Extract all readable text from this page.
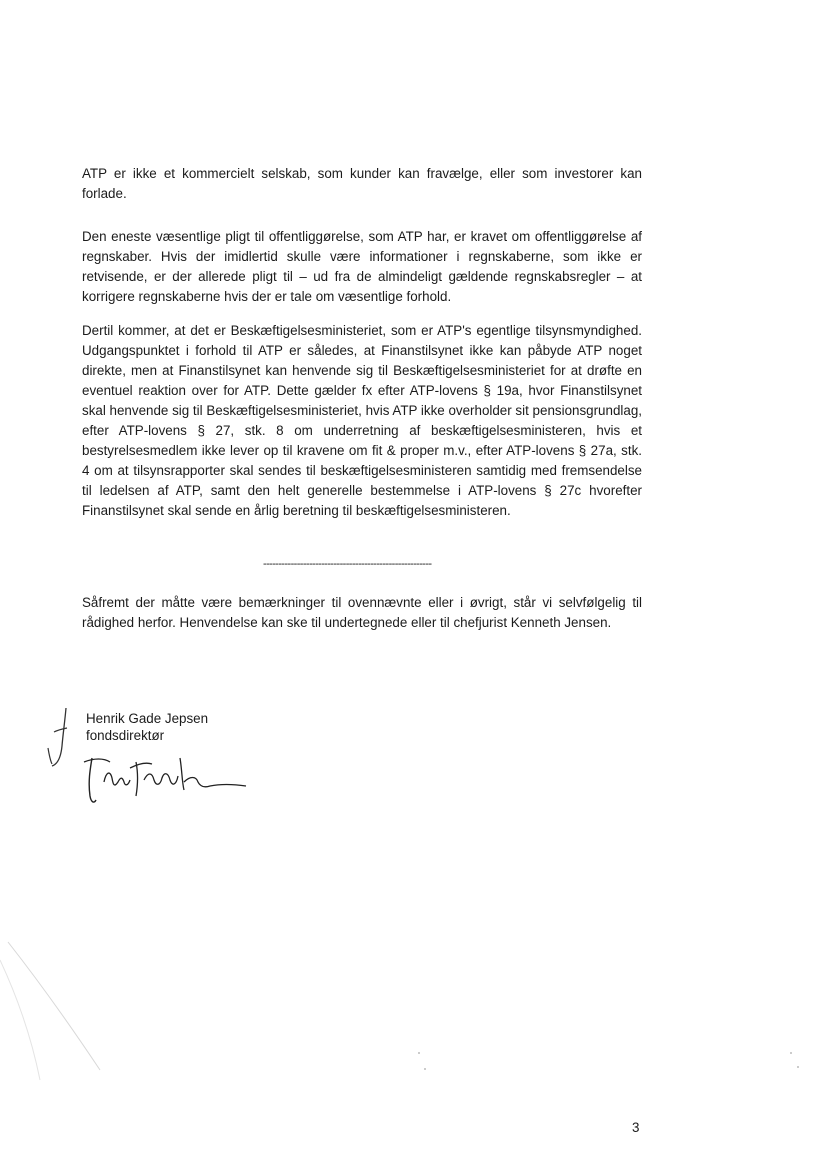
ATP er ikke et kommercielt selskab, som kunder kan fravælge, eller som investorer kan forlade.

Den eneste væsentlige pligt til offentliggørelse, som ATP har, er kravet om offentliggørelse af regnskaber. Hvis der imidlertid skulle være informationer i regnskaberne, som ikke er retvisende, er der allerede pligt til – ud fra de almindeligt gældende regnskabsregler – at korrigere regnskaberne hvis der er tale om væsentlige forhold.

Dertil kommer, at det er Beskæftigelsesministeriet, som er ATP's egentlige tilsynsmyndighed. Udgangspunktet i forhold til ATP er således, at Finanstilsynet ikke kan påbyde ATP noget direkte, men at Finanstilsynet kan henvende sig til Beskæftigelsesministeriet for at drøfte en eventuel reaktion over for ATP. Dette gælder fx efter ATP-lovens § 19a, hvor Finanstilsynet skal henvende sig til Beskæftigelsesministeriet, hvis ATP ikke overholder sit pensionsgrundlag, efter ATP-lovens § 27, stk. 8 om underretning af beskæftigelsesministeren, hvis et bestyrelsesmedlem ikke lever op til kravene om fit & proper m.v., efter ATP-lovens § 27a, stk. 4 om at tilsynsrapporter skal sendes til beskæftigelsesministeren samtidig med fremsendelse til ledelsen af ATP, samt den helt generelle bestemmelse i ATP-lovens § 27c hvorefter Finanstilsynet skal sende en årlig beretning til beskæftigelsesministeren.

-------------------------------------------------------

Såfremt der måtte være bemærkninger til ovennævnte eller i øvrigt, står vi selvfølgelig til rådighed herfor. Henvendelse kan ske til undertegnede eller til chefjurist Kenneth Jensen.

Henrik Gade Jepsen
fondsdirektør
3
